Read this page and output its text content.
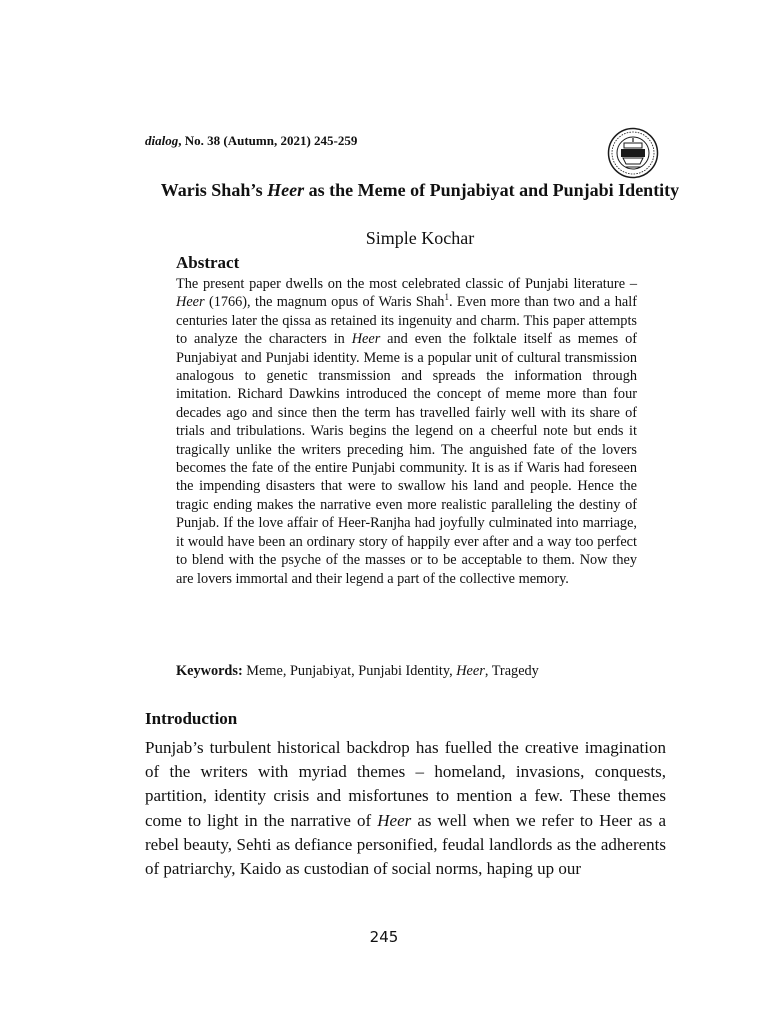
dialog, No. 38 (Autumn, 2021) 245-259
Waris Shah’s Heer as the Meme of Punjabiyat and Punjabi Identity
Simple Kochar
Abstract
The present paper dwells on the most celebrated classic of Punjabi literature – Heer (1766), the magnum opus of Waris Shah$^1$. Even more than two and a half centuries later the qissa as retained its ingenuity and charm. This paper attempts to analyze the characters in Heer and even the folktale itself as memes of Punjabiyat and Punjabi identity. Meme is a popular unit of cultural transmission analogous to genetic transmission and spreads the information through imitation. Richard Dawkins introduced the concept of meme more than four decades ago and since then the term has travelled fairly well with its share of trials and tribulations. Waris begins the legend on a cheerful note but ends it tragically unlike the writers preceding him. The anguished fate of the lovers becomes the fate of the entire Punjabi community. It is as if Waris had foreseen the impending disasters that were to swallow his land and people. Hence the tragic ending makes the narrative even more realistic paralleling the destiny of Punjab. If the love affair of Heer-Ranjha had joyfully culminated into marriage, it would have been an ordinary story of happily ever after and a way too perfect to blend with the psyche of the masses or to be acceptable to them. Now they are lovers immortal and their legend a part of the collective memory.
Keywords: Meme, Punjabiyat, Punjabi Identity, Heer, Tragedy
Introduction
Punjab’s turbulent historical backdrop has fuelled the creative imagination of the writers with myriad themes – homeland, invasions, conquests, partition, identity crisis and misfortunes to mention a few. These themes come to light in the narrative of Heer as well when we refer to Heer as a rebel beauty, Sehti as defiance personified, feudal landlords as the adherents of patriarchy, Kaido as custodian of social norms, haping up our
245
